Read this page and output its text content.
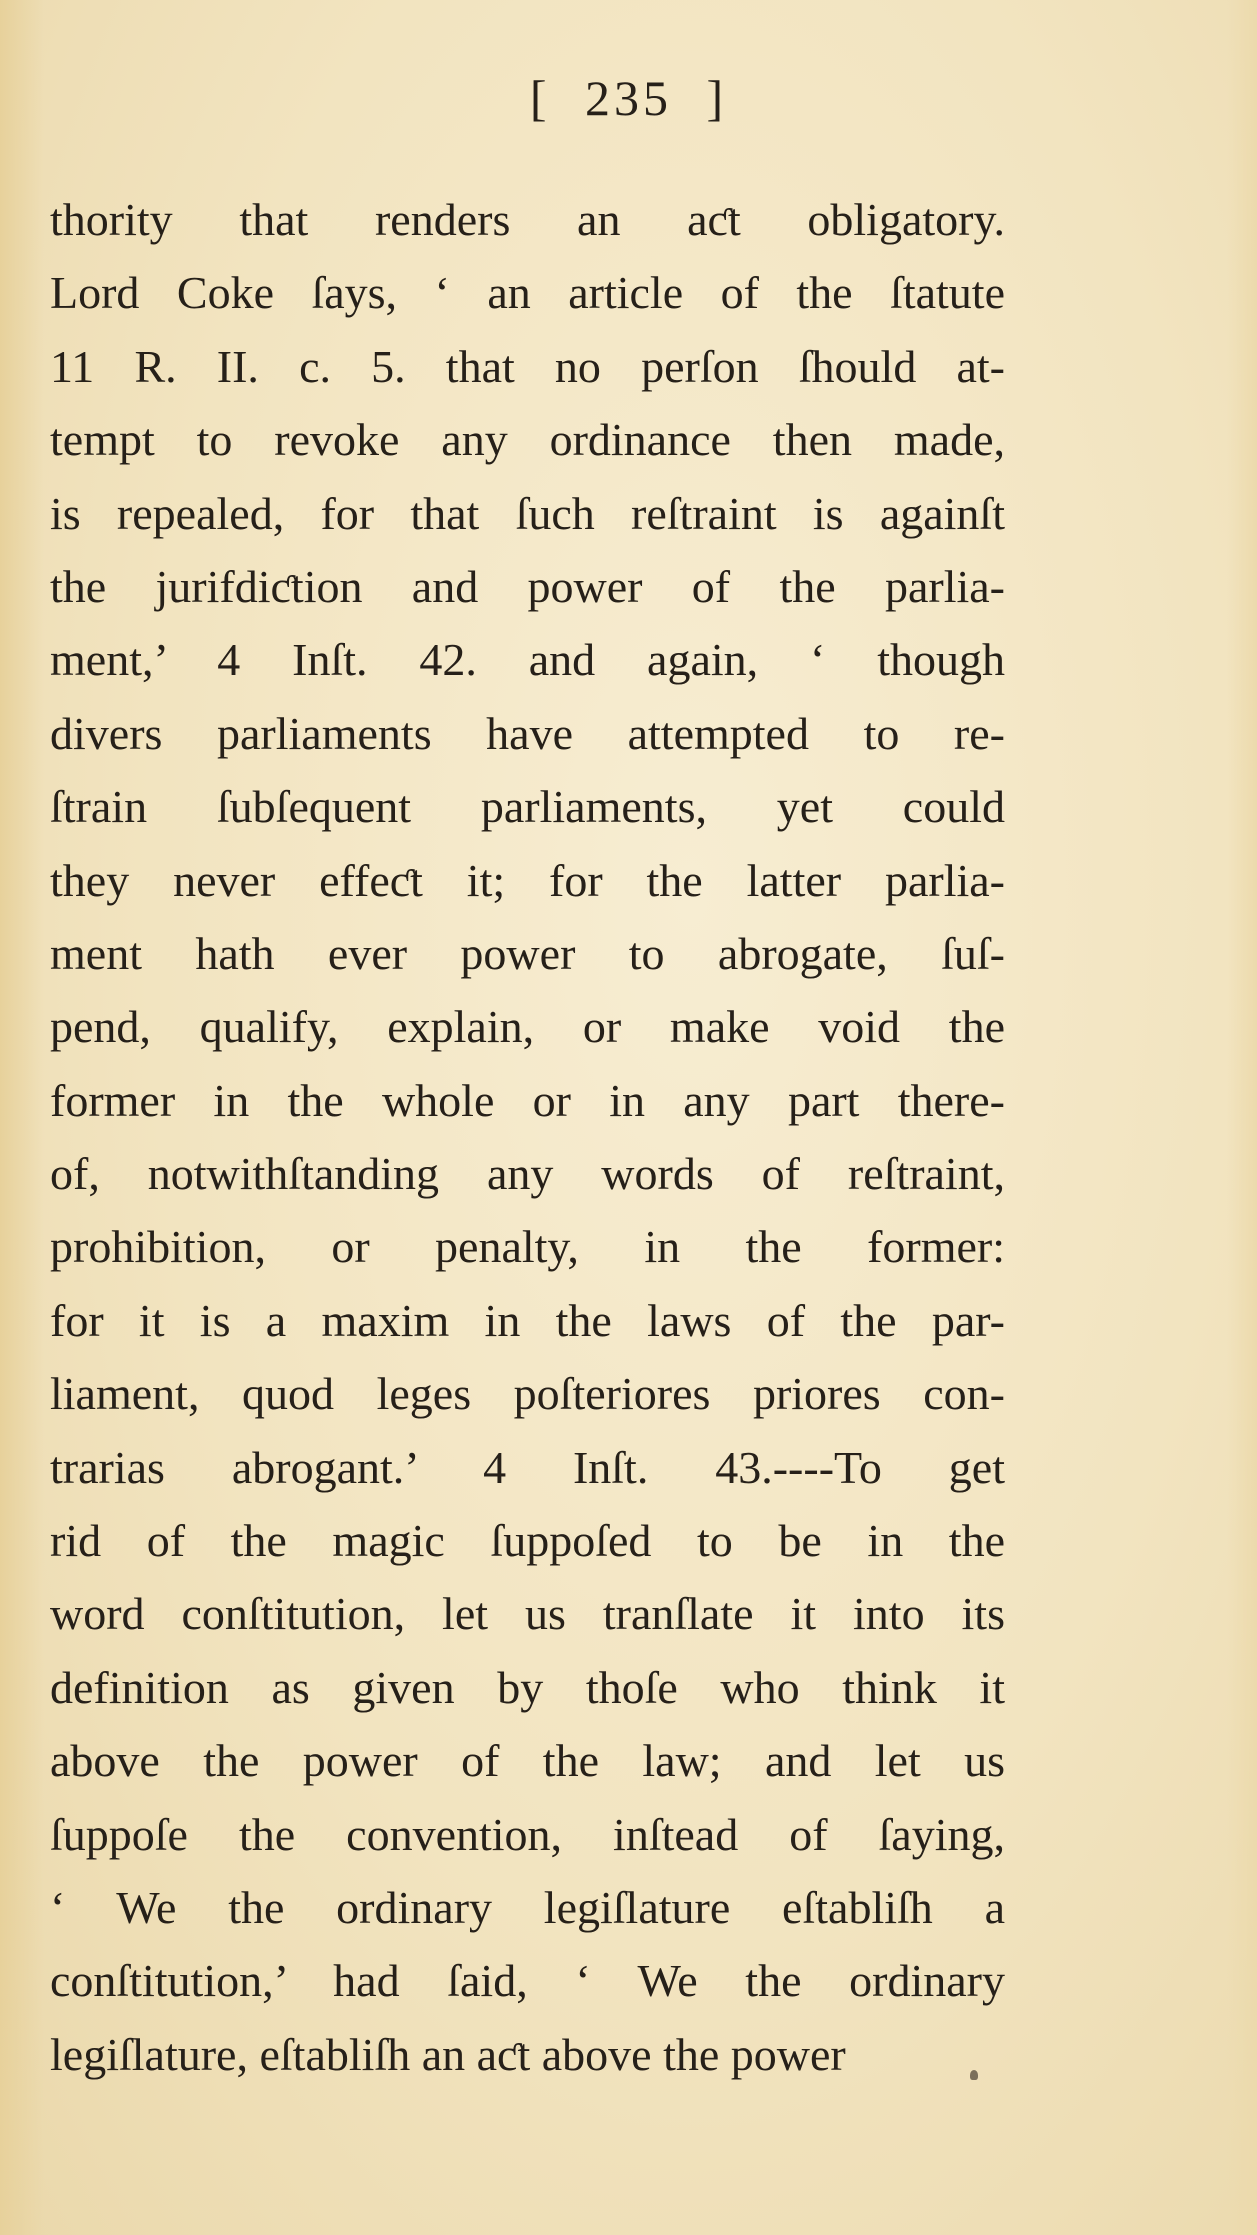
[ 235 ]
thority that renders an aƈt obligatory.
Lord Coke ſays, ‘ an article of the ſtatute
11 R. II. c. 5. that no perſon ſhould at-
tempt to revoke any ordinance then made,
is repealed, for that ſuch reſtraint is againſt
the jurifdiƈtion and power of the parlia-
ment,’ 4 Inſt. 42. and again, ‘ though
divers parliaments have attempted to re-
ſtrain ſubſequent parliaments, yet could
they never effeƈt it; for the latter parlia-
ment hath ever power to abrogate, ſuſ-
pend, qualify, explain, or make void the
former in the whole or in any part there-
of, notwithſtanding any words of reſtraint,
prohibition, or penalty, in the former:
for it is a maxim in the laws of the par-
liament, quod leges poſteriores priores con-
trarias abrogant.’ 4 Inſt. 43.----To get
rid of the magic ſuppoſed to be in the
word conſtitution, let us tranſlate it into its
definition as given by thoſe who think it
above the power of the law; and let us
ſuppoſe the convention, inſtead of ſaying,
‘ We the ordinary legiſlature eſtabliſh a
conſtitution,’ had ſaid, ‘ We the ordinary
legiſlature, eſtabliſh an aƈt above the power
